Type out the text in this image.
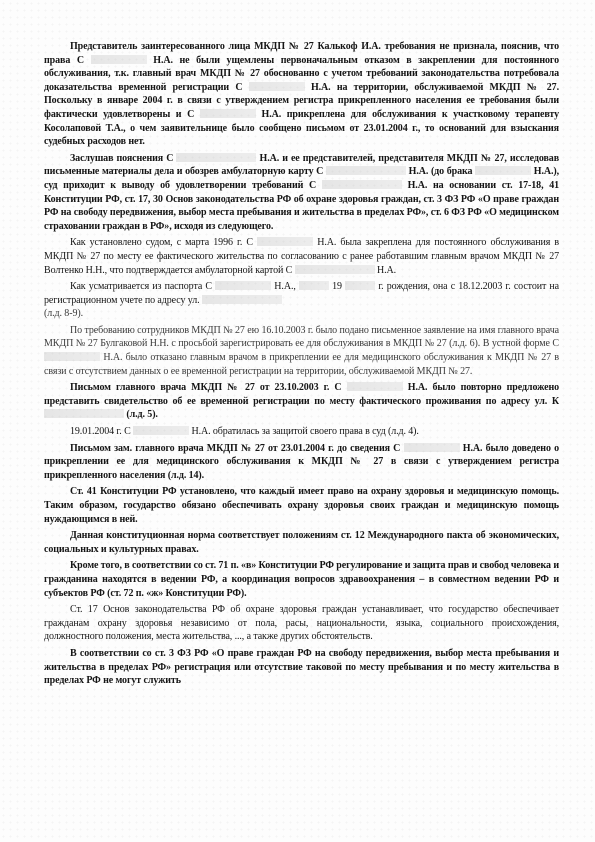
Представитель заинтересованного лица МКДП № 27 Калькоф И.А. требования не признала, пояснив, что права С	Н.А. не были ущемлены первоначальным отказом в закреплении для постоянного обслуживания, т.к. главный врач МКДП № 27 обоснованно с учетом требований законодательства потребовала доказательства временной регистрации С	Н.А. на территории, обслуживаемой МКДП № 27. Поскольку в январе 2004 г. в связи с утверждением регистра прикрепленного населения ее требования были фактически удовлетворены и С	Н.А. прикреплена для обслуживания к участковому терапевту Косолаповой Т.А., о чем заявительнице было сообщено письмом от 23.01.2004 г., то оснований для взыскания судебных расходов нет.

Заслушав пояснения С	Н.А. и ее представителей, представителя МКДП № 27, исследовав письменные материалы дела и обозрев амбулаторную карту С	Н.А. (до брака	Н.А.), суд приходит к выводу об удовлетворении требований С	Н.А. на основании ст. 17-18, 41 Конституции РФ, ст. 17, 30 Основ законодательства РФ об охране здоровья граждан, ст. 3 ФЗ РФ «О праве граждан РФ на свободу передвижения, выбор места пребывания и жительства в пределах РФ», ст. 6 ФЗ РФ «О медицинском страховании граждан в РФ», исходя из следующего.

Как установлено судом, с марта 1996 г. С	Н.А. была закреплена для постоянного обслуживания в МКДП № 27 по месту ее фактического жительства по согласованию с ранее работавшим главным врачом МКДП № 27 Волтенко Н.Н., что подтверждается амбулаторной картой С	Н.А.

Как усматривается из паспорта С	Н.А.,	19	г. рождения, она с 18.12.2003 г. состоит на регистрационном учете по адресу ул.

(л.д. 8-9).

По требованию сотрудников МКДП № 27 ею 16.10.2003 г. было подано письменное заявление на имя главного врача МКДП № 27 Булгаковой Н.Н. с просьбой зарегистрировать ее для обслуживания в МКДП № 27 (л.д. 6). В устной форме С  Н.А. было отказано главным врачом в прикреплении ее для медицинского обслуживания к МКДП № 27 в связи с отсутствием данных о ее временной регистрации на территории, обслуживаемой МКДП № 27.

Письмом главного врача МКДП № 27 от 23.10.2003 г. С	Н.А. было повторно предложено представить свидетельство об ее временной регистрации по месту фактического проживания по адресу ул. К  (л.д. 5).

19.01.2004 г. С	Н.А. обратилась за защитой своего права в суд (л.д. 4).

Письмом зам. главного врача МКДП № 27 от 23.01.2004 г. до сведения С	Н.А. было доведено о прикреплении ее для медицинского обслуживания к МКДП № 27 в связи с утверждением регистра прикрепленного населения (л.д. 14).

Ст. 41 Конституции РФ установлено, что каждый имеет право на охрану здоровья и медицинскую помощь. Таким образом, государство обязано обеспечивать охрану здоровья своих граждан и медицинскую помощь нуждающимся в ней.

Данная конституционная норма соответствует положениям ст. 12 Международного пакта об экономических, социальных и культурных правах.

Кроме того, в соответствии со ст. 71 п. «в» Конституции РФ регулирование и защита прав и свобод человека и гражданина находятся в ведении РФ, а координация вопросов здравоохранения – в совместном ведении РФ и субъектов РФ (ст. 72 п. «ж» Конституции РФ).

Ст. 17 Основ законодательства РФ об охране здоровья граждан устанавливает, что государство обеспечивает гражданам охрану здоровья независимо от пола, расы, национальности, языка, социального происхождения, должностного положения, места жительства, ..., а также других обстоятельств.

В соответствии со ст. 3 ФЗ РФ «О праве граждан РФ на свободу передвижения, выбор места пребывания и жительства в пределах РФ» регистрация или отсутствие таковой по месту пребывания и по месту жительства в пределах РФ не могут служить
